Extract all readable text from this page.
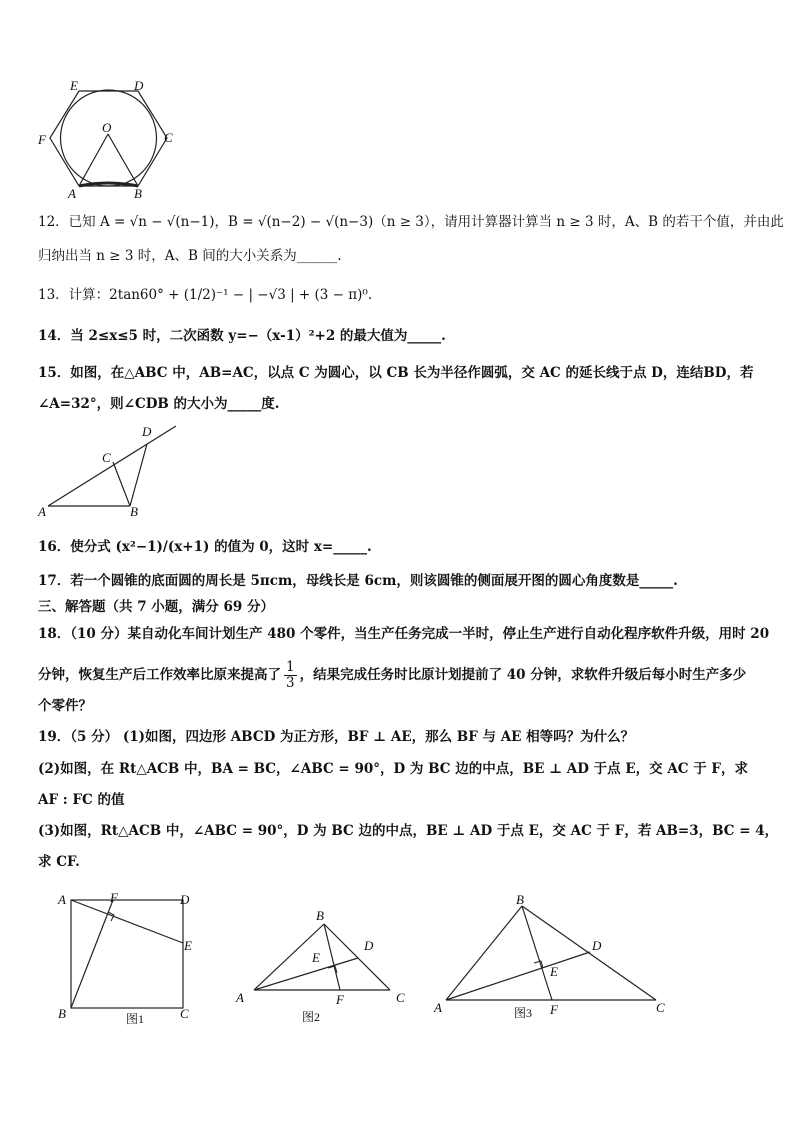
E	D
F
O
C
A	B
12．已知 A = √n − √(n−1)，B = √(n−2) − √(n−3)（n ≥ 3），请用计算器计算当 n ≥ 3 时，A、B 的若干个值，并由此
归纳出当 n ≥ 3 时，A、B 间的大小关系为______.
13．计算：2tan60° + (1/2)⁻¹ − | −√3 | + (3 − π)⁰.
14．当 2≤x≤5 时，二次函数 y=−（x-1）²+2 的最大值为_____.
15．如图，在△ABC 中，AB=AC，以点 C 为圆心，以 CB 长为半径作圆弧，交 AC 的延长线于点 D，连结BD，若
∠A=32°，则∠CDB 的大小为_____度.
D
C
A	B
16．使分式 (x²−1)/(x+1) 的值为 0，这时 x=_____.
17．若一个圆锥的底面圆的周长是 5πcm，母线长是 6cm，则该圆锥的侧面展开图的圆心角度数是_____.
三、解答题（共 7 小题，满分 69 分）
18．（10 分）某自动化车间计划生产 480 个零件，当生产任务完成一半时，停止生产进行自动化程序软件升级，用时 20
分钟，恢复生产后工作效率比原来提高了 $\frac{1}{3}$ ，结果完成任务时比原计划提前了 40 分钟，求软件升级后每小时生产多少
个零件？
19．（5 分） (1)如图，四边形 ABCD 为正方形，BF ⊥ AE，那么 BF 与 AE 相等吗？为什么？
(2)如图，在 Rt△ACB 中，BA = BC，∠ABC = 90°，D 为 BC 边的中点，BE ⊥ AD 于点 E，交 AC 于 F，求
AF : FC 的值
(3)如图，Rt△ACB 中，∠ABC = 90°，D 为 BC 边的中点，BE ⊥ AD 于点 E，交 AC 于 F，若 AB=3，BC = 4，
求 CF.
A	F	D
E
B	C
图1
B
D
E
A	F	C
图2
B
D
E
A	F	C
图3
